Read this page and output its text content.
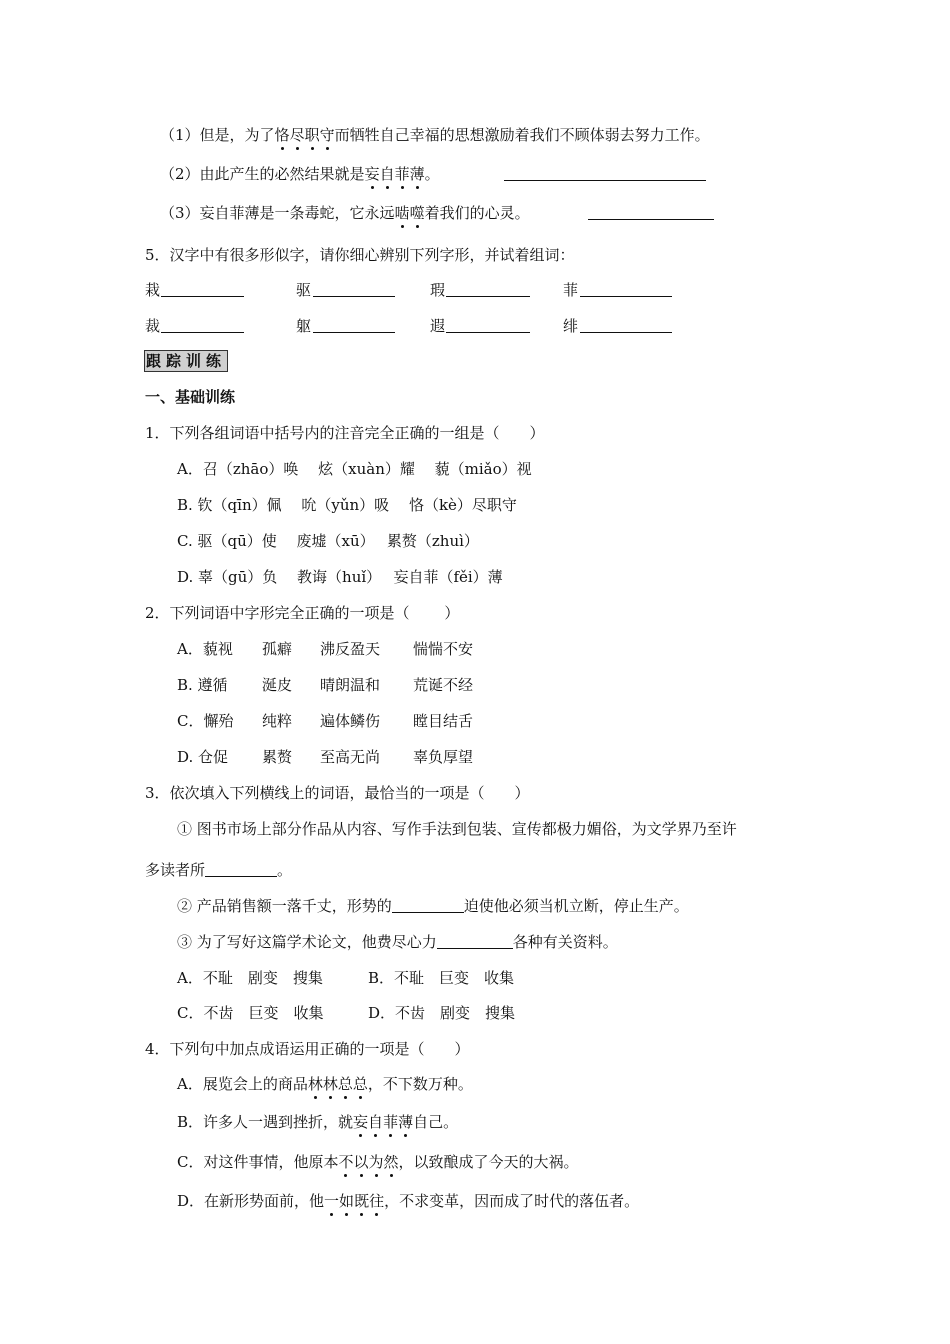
（1）但是，为了恪尽职守而牺牲自己幸福的思想激励着我们不顾体弱去努力工作。
（2）由此产生的必然结果就是妄自菲薄。
（3）妄自菲薄是一条毒蛇，它永远啮噬着我们的心灵。
5．汉字中有很多形似字，请你细心辨别下列字形，并试着组词：
栽	驱	瑕	菲
裁	躯	遐	绯
跟踪训练
一、基础训练
1．下列各组词语中括号内的注音完全正确的一组是（　　）
A．召（zhāo）唤　 炫（xuàn）耀　 藐（miǎo）视
B. 钦（qīn）佩　 吮（yǔn）吸　 恪（kè）尽职守
C. 驱（qū）使　 废墟（xū）　 累赘（zhuì）
D. 辜（gū）负　 教诲（huǐ）　 妄自菲（fěi）薄
2．下列词语中字形完全正确的一项是（　　 ）
A．藐视 孤癖 沸反盈天 惴惴不安
B. 遵循 涎皮 晴朗温和 荒诞不经
C．懈殆 纯粹 遍体鳞伤 瞠目结舌
D. 仓促 累赘 至高无尚 辜负厚望
3．依次填入下列横线上的词语，最恰当的一项是（　　）
① 图书市场上部分作品从内容、写作手法到包装、宣传都极力媚俗，为文学界乃至许
多读者所	。
② 产品销售额一落千丈，形势的	迫使他必须当机立断，停止生产。
③ 为了写好这篇学术论文，他费尽心力	各种有关资料。
A．不耻　剧变　搜集	B．不耻　巨变　收集
C．不齿　巨变　收集	D．不齿　剧变　搜集
4．下列句中加点成语运用正确的一项是（　　）
A．展览会上的商品林林总总，不下数万种。
B．许多人一遇到挫折，就妄自菲薄自己。
C．对这件事情，他原本不以为然，以致酿成了今天的大祸。
D．在新形势面前，他一如既往，不求变革，因而成了时代的落伍者。
